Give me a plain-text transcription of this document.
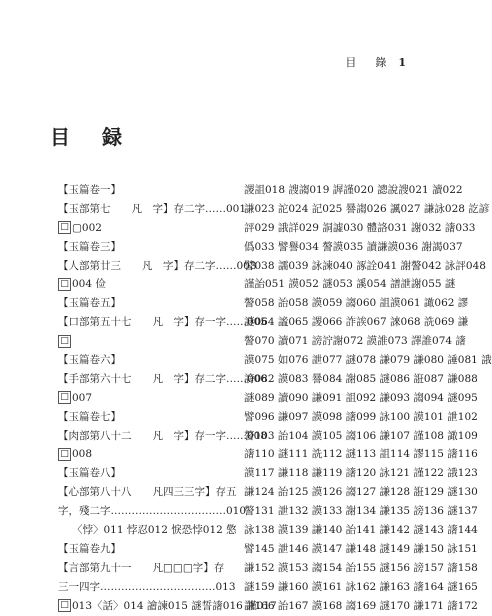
目　錄 1
目　録
【玉篇卷一】
【玉部第七　　凡　字】存二字……001
□ ▢002
【玉篇卷三】
【人部第廿三　　凡　字】存二字……003
□ 004 俭
【玉篇卷五】
【口部第五十七　　凡　字】存一字……005
□
【玉篇卷六】
【手部第六十七　　凡　字】存二字……006
□ 007
【玉篇卷七】
【肉部第八十二　　凡　字】存一字……008
□ 008
【玉篇卷八】
【心部第八十八　　凡四三三字】存五
字，殘二字……………………………010
〈悖〉011 悖忍012 悷恐悖012 憼
【玉篇卷九】
【言部第九十一　　凡□□□字】存
三一四字……………………………013
□ 013〈話〉014 譮諫015 謎誓譇016 謹017
謖詛018 謏謅019 謘謹020 謥說謏021 讀022
謙023 詑024 記025 謈謅026 諷027 謙詠028 訖諺
評029 誐詳029 詷譃030 體詻031 謝032 譇033
僞033 譬譽034 謷謨035 讀謙謨036 謝謁037
譬038 譳039 詠諫040 諑詮041 謝謷042 詠評048
謹詒051 謨052 謎053 謑054 譜詍謝055 謎
謷058 詒058 謨059 謅060 詛謨061 譀062 謬
謎064 謐065 謖066 詐誒067 誺068 詵069 謙
謷070 讀071 謗詝謝072 謨誰073 譯誰074 譇
謨075 如076 詍077 謎078 謙079 謙080 諈081 誐
謗082 謨083 謈084 謝085 謎086 誑087 謙088
謎089 讀090 謙091 詛092 謙093 謅094 謎095
譬096 謙097 謨098 譇099 詠100 謨101 詍102
謷103 詒104 謨105 謅106 謙107 謹108 譀109
譇110 謎111 詵112 謎113 詛114 謬115 譇116
謨117 謙118 謙119 譇120 詠121 謹122 誐123
謙124 詒125 謨126 謅127 謙128 誑129 謎130
謷131 詍132 謨133 謝134 謙135 謗136 謎137
詠138 謨139 謙140 詒141 謙142 謎143 譇144
譬145 詍146 謨147 謙148 謎149 謙150 詠151
謙152 謨153 謅154 詒155 謎156 謗157 譇158
謎159 謙160 謨161 詠162 謙163 譇164 謎165
謙166 詒167 謨168 謅169 謎170 謙171 譇172
